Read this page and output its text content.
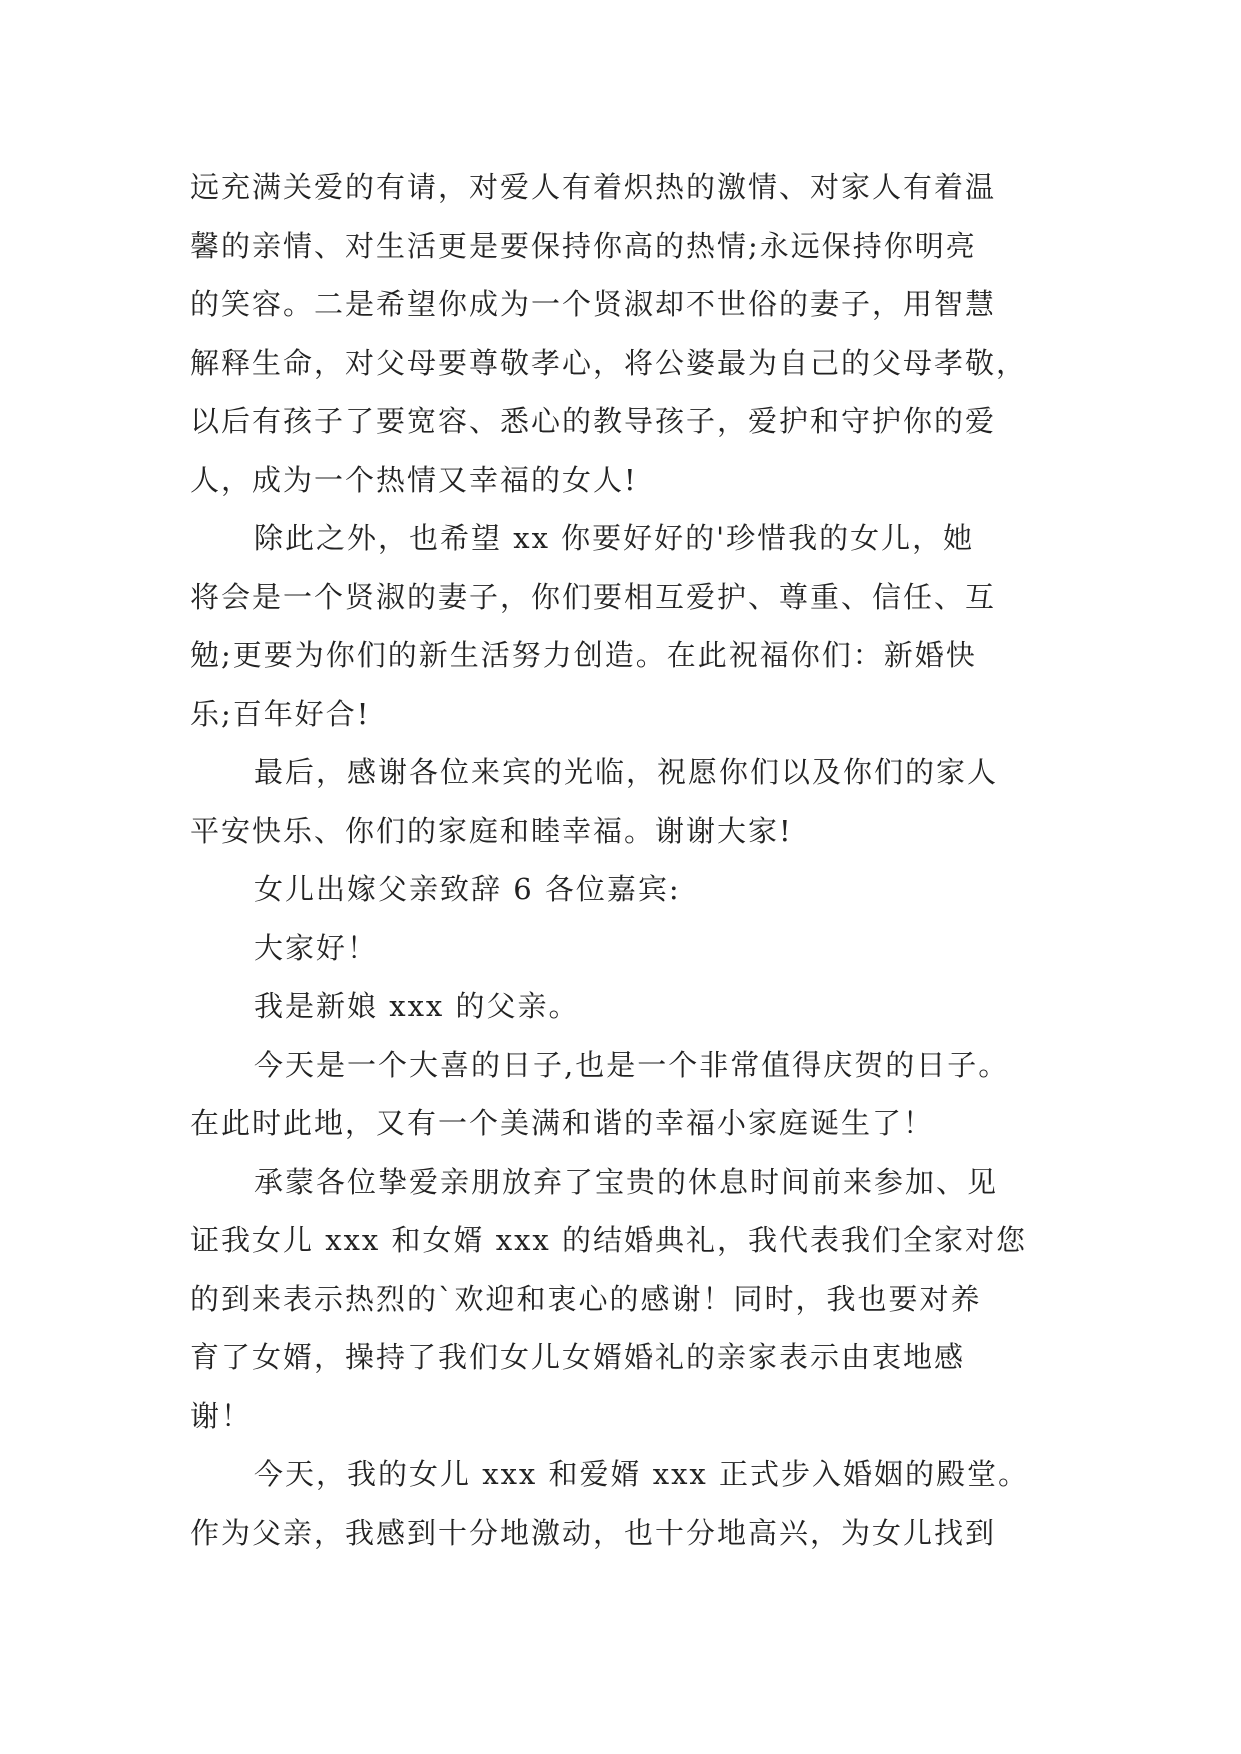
远充满关爱的有请，对爱人有着炽热的激情、对家人有着温
馨的亲情、对生活更是要保持你高的热情;永远保持你明亮
的笑容。二是希望你成为一个贤淑却不世俗的妻子，用智慧
解释生命，对父母要尊敬孝心，将公婆最为自己的父母孝敬，
以后有孩子了要宽容、悉心的教导孩子，爱护和守护你的爱
人，成为一个热情又幸福的女人!
除此之外，也希望 xx 你要好好的'珍惜我的女儿，她
将会是一个贤淑的妻子，你们要相互爱护、尊重、信任、互
勉;更要为你们的新生活努力创造。在此祝福你们：新婚快
乐;百年好合!
最后，感谢各位来宾的光临，祝愿你们以及你们的家人
平安快乐、你们的家庭和睦幸福。谢谢大家!
女儿出嫁父亲致辞 6 各位嘉宾:
大家好！
我是新娘 xxx 的父亲。
今天是一个大喜的日子,也是一个非常值得庆贺的日子。
在此时此地，又有一个美满和谐的幸福小家庭诞生了！
承蒙各位挚爱亲朋放弃了宝贵的休息时间前来参加、见
证我女儿 xxx 和女婿 xxx 的结婚典礼，我代表我们全家对您
的到来表示热烈的`欢迎和衷心的感谢！同时，我也要对养
育了女婿，操持了我们女儿女婿婚礼的亲家表示由衷地感
谢！
今天，我的女儿 xxx 和爱婿 xxx 正式步入婚姻的殿堂。
作为父亲，我感到十分地激动，也十分地高兴，为女儿找到
